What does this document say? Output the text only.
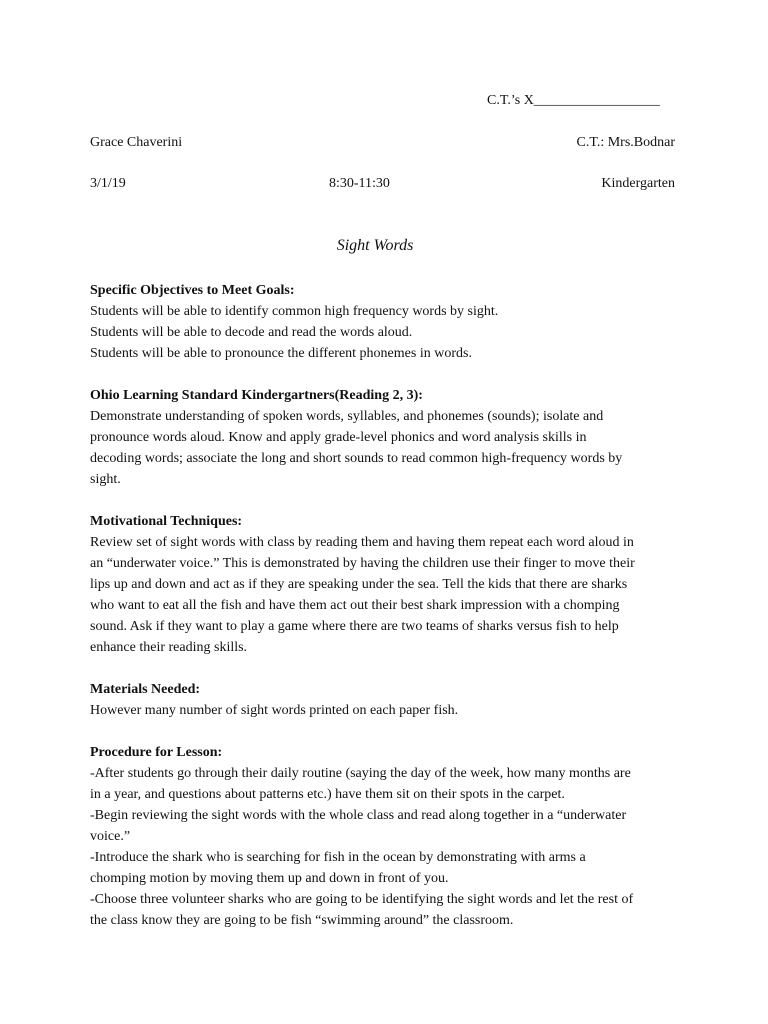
C.T.’s X__________________
Grace Chaverini	C.T.: Mrs.Bodnar
3/1/19	8:30-11:30	Kindergarten
Sight Words
Specific Objectives to Meet Goals:

Students will be able to identify common high frequency words by sight.
Students will be able to decode and read the words aloud.
Students will be able to pronounce the different phonemes in words.

Ohio Learning Standard Kindergartners(Reading 2, 3):

Demonstrate understanding of spoken words, syllables, and phonemes (sounds); isolate and
pronounce words aloud. Know and apply grade-level phonics and word analysis skills in
decoding words; associate the long and short sounds to read common high-frequency words by
sight.

Motivational Techniques:

Review set of sight words with class by reading them and having them repeat each word aloud in
an “underwater voice.” This is demonstrated by having the children use their finger to move their
lips up and down and act as if they are speaking under the sea. Tell the kids that there are sharks
who want to eat all the fish and have them act out their best shark impression with a chomping
sound. Ask if they want to play a game where there are two teams of sharks versus fish to help
enhance their reading skills.

Materials Needed:

However many number of sight words printed on each paper fish.

Procedure for Lesson:

-After students go through their daily routine (saying the day of the week, how many months are
in a year, and questions about patterns etc.) have them sit on their spots in the carpet.
-Begin reviewing the sight words with the whole class and read along together in a “underwater
voice.”
-Introduce the shark who is searching for fish in the ocean by demonstrating with arms a
chomping motion by moving them up and down in front of you.
-Choose three volunteer sharks who are going to be identifying the sight words and let the rest of
the class know they are going to be fish “swimming around” the classroom.
